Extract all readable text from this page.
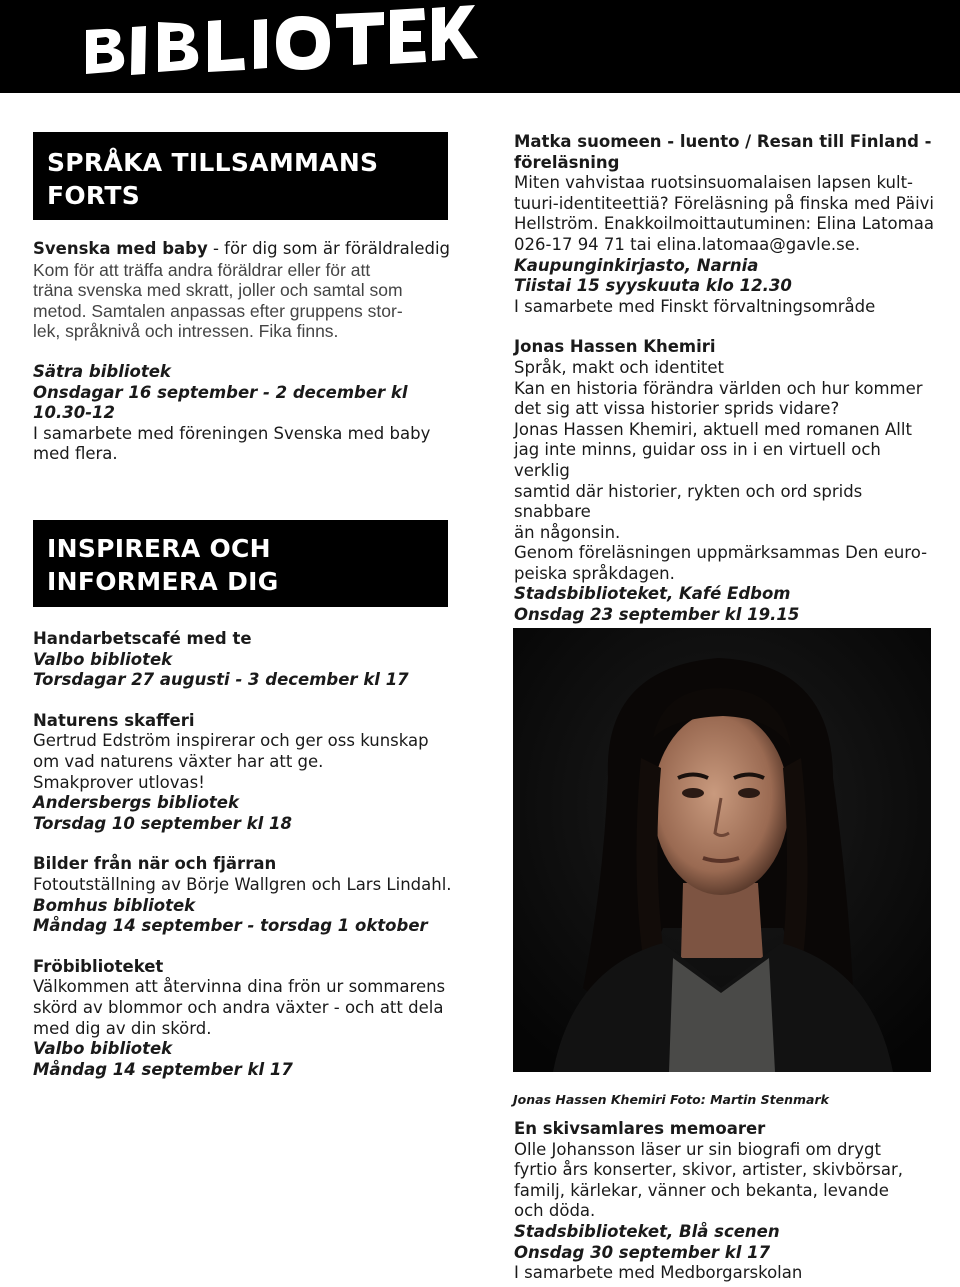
SPRÅKA TILLSAMMANS
FORTS

Svenska med baby - för dig som är föräldraledig

Kom för att träffa andra föräldrar eller för att

träna svenska med skratt, joller och samtal som

metod. Samtalen anpassas efter gruppens stor-

lek, språknivå och intressen. Fika finns.

Sätra bibliotek

Onsdagar 16 september - 2 december kl 10.30-12

I samarbete med föreningen Svenska med baby

med flera.

INSPIRERA OCH
INFORMERA DIG

Handarbetscafé med te

Valbo bibliotek

Torsdagar 27 augusti - 3 december kl 17

Naturens skafferi

Gertrud Edström inspirerar och ger oss kunskap

om vad naturens växter har att ge.

Smakprover utlovas!

Andersbergs bibliotek

Torsdag 10 september kl 18

Bilder från när och fjärran

Fotoutställning av Börje Wallgren och Lars Lindahl.

Bomhus bibliotek

Måndag 14 september - torsdag 1 oktober

Fröbiblioteket

Välkommen att återvinna dina frön ur sommarens

skörd av blommor och andra växter - och att dela

med dig av din skörd.

Valbo bibliotek

Måndag 14 september kl 17

Matka suomeen - luento / Resan till Finland -

föreläsning

Miten vahvistaa ruotsinsuomalaisen lapsen kult-

tuuri-identiteettiä? Föreläsning på finska med Päivi

Hellström. Enakkoilmoittautuminen: Elina Latomaa

026-17 94 71 tai elina.latomaa@gavle.se.

Kaupunginkirjasto, Narnia

Tiistai 15 syyskuuta klo 12.30

I samarbete med Finskt förvaltningsområde

Jonas Hassen Khemiri

Språk, makt och identitet

Kan en historia förändra världen och hur kommer

det sig att vissa historier sprids vidare?

Jonas Hassen Khemiri, aktuell med romanen Allt

jag inte minns, guidar oss in i en virtuell och verklig

samtid där historier, rykten och ord sprids snabbare

än någonsin.

Genom föreläsningen uppmärksammas Den euro-

peiska språkdagen.

Stadsbiblioteket, Kafé Edbom

Onsdag 23 september kl 19.15

Jonas Hassen Khemiri Foto: Martin Stenmark

En skivsamlares memoarer

Olle Johansson läser ur sin biografi om drygt

fyrtio års konserter, skivor, artister, skivbörsar,

familj, kärlekar, vänner och bekanta, levande

och döda.

Stadsbiblioteket, Blå scenen

Onsdag 30 september kl 17

I samarbete med Medborgarskolan
